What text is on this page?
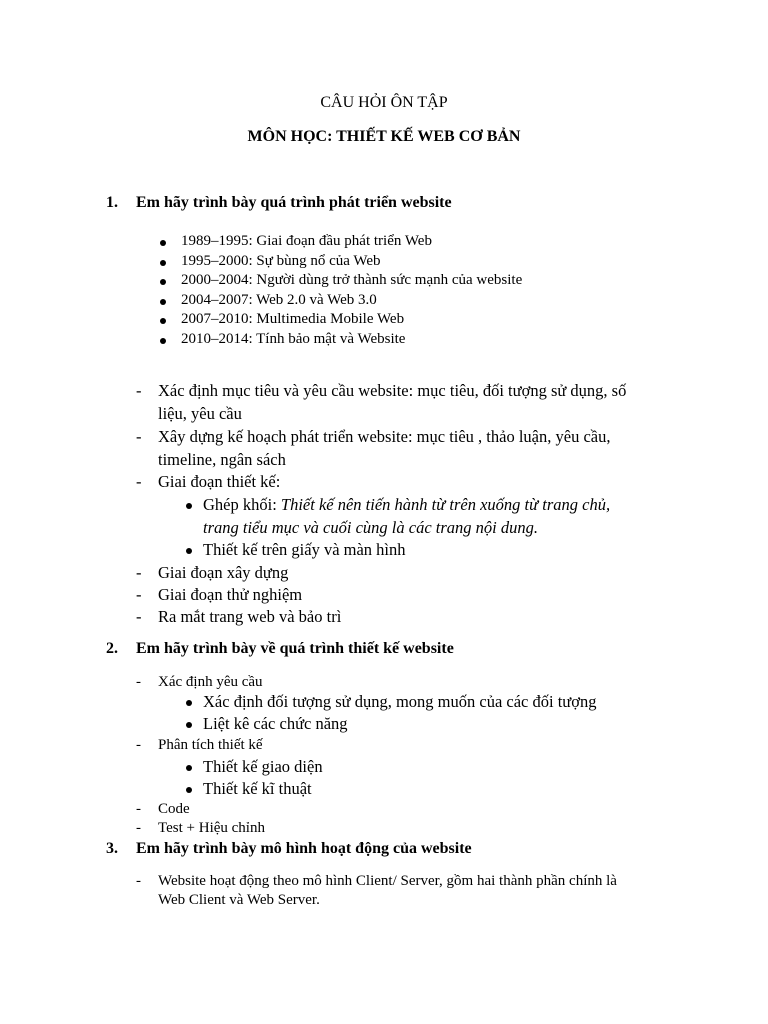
CÂU HỎI ÔN TẬP
MÔN HỌC: THIẾT KẾ WEB CƠ BẢN
1. Em hãy trình bày quá trình phát triển website
1989–1995: Giai đoạn đầu phát triển Web
1995–2000: Sự bùng nổ của Web
2000–2004: Người dùng trở thành sức mạnh của website
2004–2007: Web 2.0 và Web 3.0
2007–2010: Multimedia Mobile Web
2010–2014: Tính bảo mật và Website
- Xác định mục tiêu và yêu cầu website: mục tiêu, đối tượng sử dụng, số
liệu, yêu cầu
- Xây dựng kế hoạch phát triển website: mục tiêu , thảo luận, yêu cầu,
timeline, ngân sách
- Giai đoạn thiết kế:
Ghép khối: Thiết kế nên tiến hành từ trên xuống từ trang chủ,
trang tiểu mục và cuối cùng là các trang nội dung.
Thiết kế trên giấy và màn hình
- Giai đoạn xây dựng
- Giai đoạn thử nghiệm
- Ra mắt trang web và bảo trì
2. Em hãy trình bày về quá trình thiết kế website
- Xác định yêu cầu
Xác định đối tượng sử dụng, mong muốn của các đối tượng
Liệt kê các chức năng
- Phân tích thiết kế
Thiết kế giao diện
Thiết kế kĩ thuật
- Code
- Test + Hiệu chỉnh
3. Em hãy trình bày mô hình hoạt động của website
- Website hoạt động theo mô hình Client/ Server, gồm hai thành phần chính là
Web Client và Web Server.
